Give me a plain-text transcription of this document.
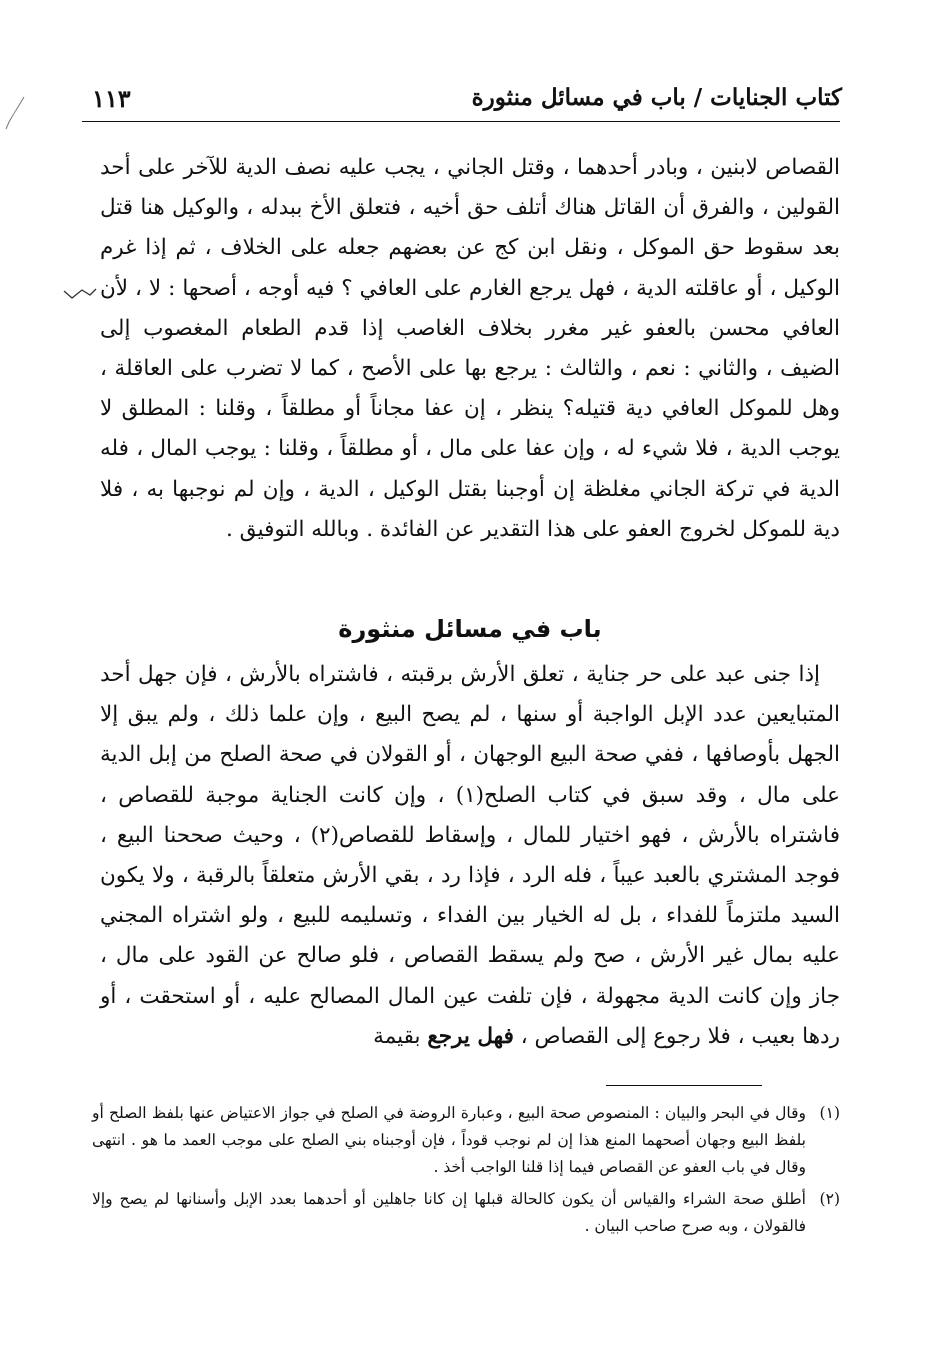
كتاب الجنايات / باب في مسائل منثورة
١١٣

القصاص لابنين ، وبادر أحدهما ، وقتل الجاني ، يجب عليه نصف الدية للآخر على أحد القولين ، والفرق أن القاتل هناك أتلف حق أخيه ، فتعلق الأخ ببدله ، والوكيل هنا قتل بعد سقوط حق الموكل ، ونقل ابن كج عن بعضهم جعله على الخلاف ، ثم إذا غرم الوكيل ، أو عاقلته الدية ، فهل يرجع الغارم على العافي ؟ فيه أوجه ، أصحها : لا ، لأن العافي محسن بالعفو غير مغرر بخلاف الغاصب إذا قدم الطعام المغصوب إلى الضيف ، والثاني : نعم ، والثالث : يرجع بها على الأصح ، كما لا تضرب على العاقلة ، وهل للموكل العافي دية قتيله؟ ينظر ، إن عفا مجاناً أو مطلقاً ، وقلنا : المطلق لا يوجب الدية ، فلا شيء له ، وإن عفا على مال ، أو مطلقاً ، وقلنا : يوجب المال ، فله الدية في تركة الجاني مغلظة إن أوجبنا بقتل الوكيل ، الدية ، وإن لم نوجبها به ، فلا دية للموكل لخروج العفو على هذا التقدير عن الفائدة . وبالله التوفيق .

باب في مسائل منثورة

إذا جنى عبد على حر جناية ، تعلق الأرش برقبته ، فاشتراه بالأرش ، فإن جهل أحد المتبايعين عدد الإبل الواجبة أو سنها ، لم يصح البيع ، وإن علما ذلك ، ولم يبق إلا الجهل بأوصافها ، ففي صحة البيع الوجهان ، أو القولان في صحة الصلح من إبل الدية على مال ، وقد سبق في كتاب الصلح(١) ، وإن كانت الجناية موجبة للقصاص ، فاشتراه بالأرش ، فهو اختيار للمال ، وإسقاط للقصاص(٢) ، وحيث صححنا البيع ، فوجد المشتري بالعبد عيباً ، فله الرد ، فإذا رد ، بقي الأرش متعلقاً بالرقبة ، ولا يكون السيد ملتزماً للفداء ، بل له الخيار بين الفداء ، وتسليمه للبيع ، ولو اشتراه المجني عليه بمال غير الأرش ، صح ولم يسقط القصاص ، فلو صالح عن القود على مال ، جاز وإن كانت الدية مجهولة ، فإن تلفت عين المال المصالح عليه ، أو استحقت ، أو ردها بعيب ، فلا رجوع إلى القصاص ، فهل يرجع بقيمة

(١)
وقال في البحر والبيان : المنصوص صحة البيع ، وعبارة الروضة في الصلح في جواز الاعتياض عنها بلفظ الصلح أو بلفظ البيع وجهان أصحهما المنع هذا إن لم نوجب قوداً ، فإن أوجبناه بني الصلح على موجب العمد ما هو . انتهى وقال في باب العفو عن القصاص فيما إذا قلنا الواجب أخذ .
(٢)
أطلق صحة الشراء والقياس أن يكون كالحالة قبلها إن كانا جاهلين أو أحدهما بعدد الإبل وأسنانها لم يصح وإلا فالقولان ، وبه صرح صاحب البيان .
